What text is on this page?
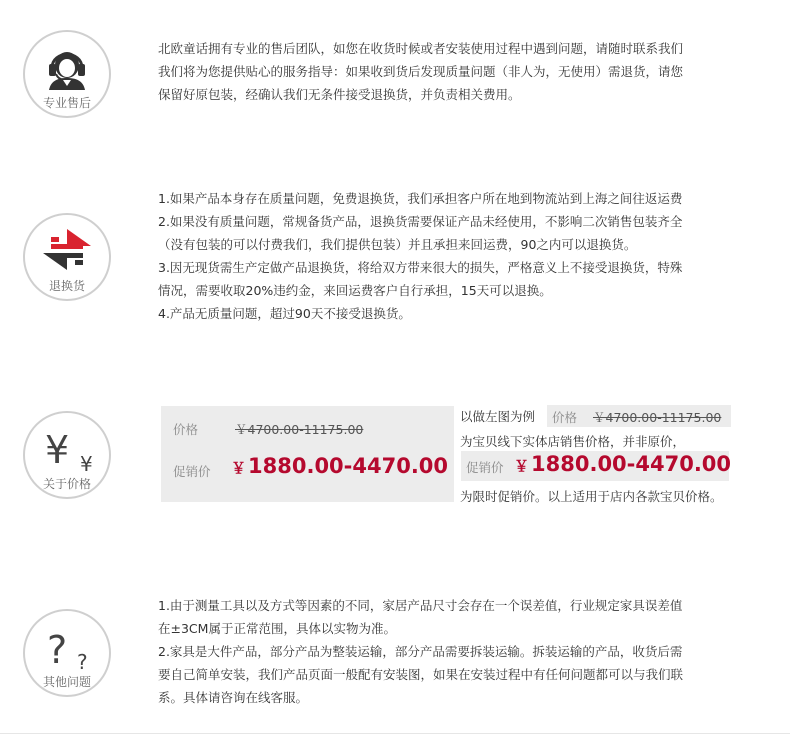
专业售后

北欧童话拥有专业的售后团队，如您在收货时候或者安装使用过程中遇到问题，请随时联系我们

我们将为您提供贴心的服务指导：如果收到货后发现质量问题（非人为，无使用）需退货，请您

保留好原包装，经确认我们无条件接受退换货，并负责相关费用。

退换货

1.如果产品本身存在质量问题，免费退换货，我们承担客户所在地到物流站到上海之间往返运费

2.如果没有质量问题，常规备货产品，退换货需要保证产品未经使用，不影响二次销售包装齐全

（没有包装的可以付费我们，我们提供包装）并且承担来回运费，90之内可以退换货。

3.因无现货需生产定做产品退换货，将给双方带来很大的损失，严格意义上不接受退换货，特殊

情况，需要收取20%违约金，来回运费客户自行承担，15天可以退换。

4.产品无质量问题，超过90天不接受退换货。

¥ ¥
关于价格
价格	￥4700.00-11175.00
促销价 ￥1880.00-4470.00
以做左图为例 价格 ￥4700.00-11175.00
为宝贝线下实体店销售价格，并非原价，
促销价 ￥1880.00-4470.00
为限时促销价。以上适用于店内各款宝贝价格。
? ?
其他问题

1.由于测量工具以及方式等因素的不同，家居产品尺寸会存在一个误差值，行业规定家具误差值

在±3CM属于正常范围，具体以实物为准。

2.家具是大件产品，部分产品为整装运输，部分产品需要拆装运输。拆装运输的产品，收货后需

要自己简单安装，我们产品页面一般配有安装图，如果在安装过程中有任何问题都可以与我们联

系。具体请咨询在线客服。
